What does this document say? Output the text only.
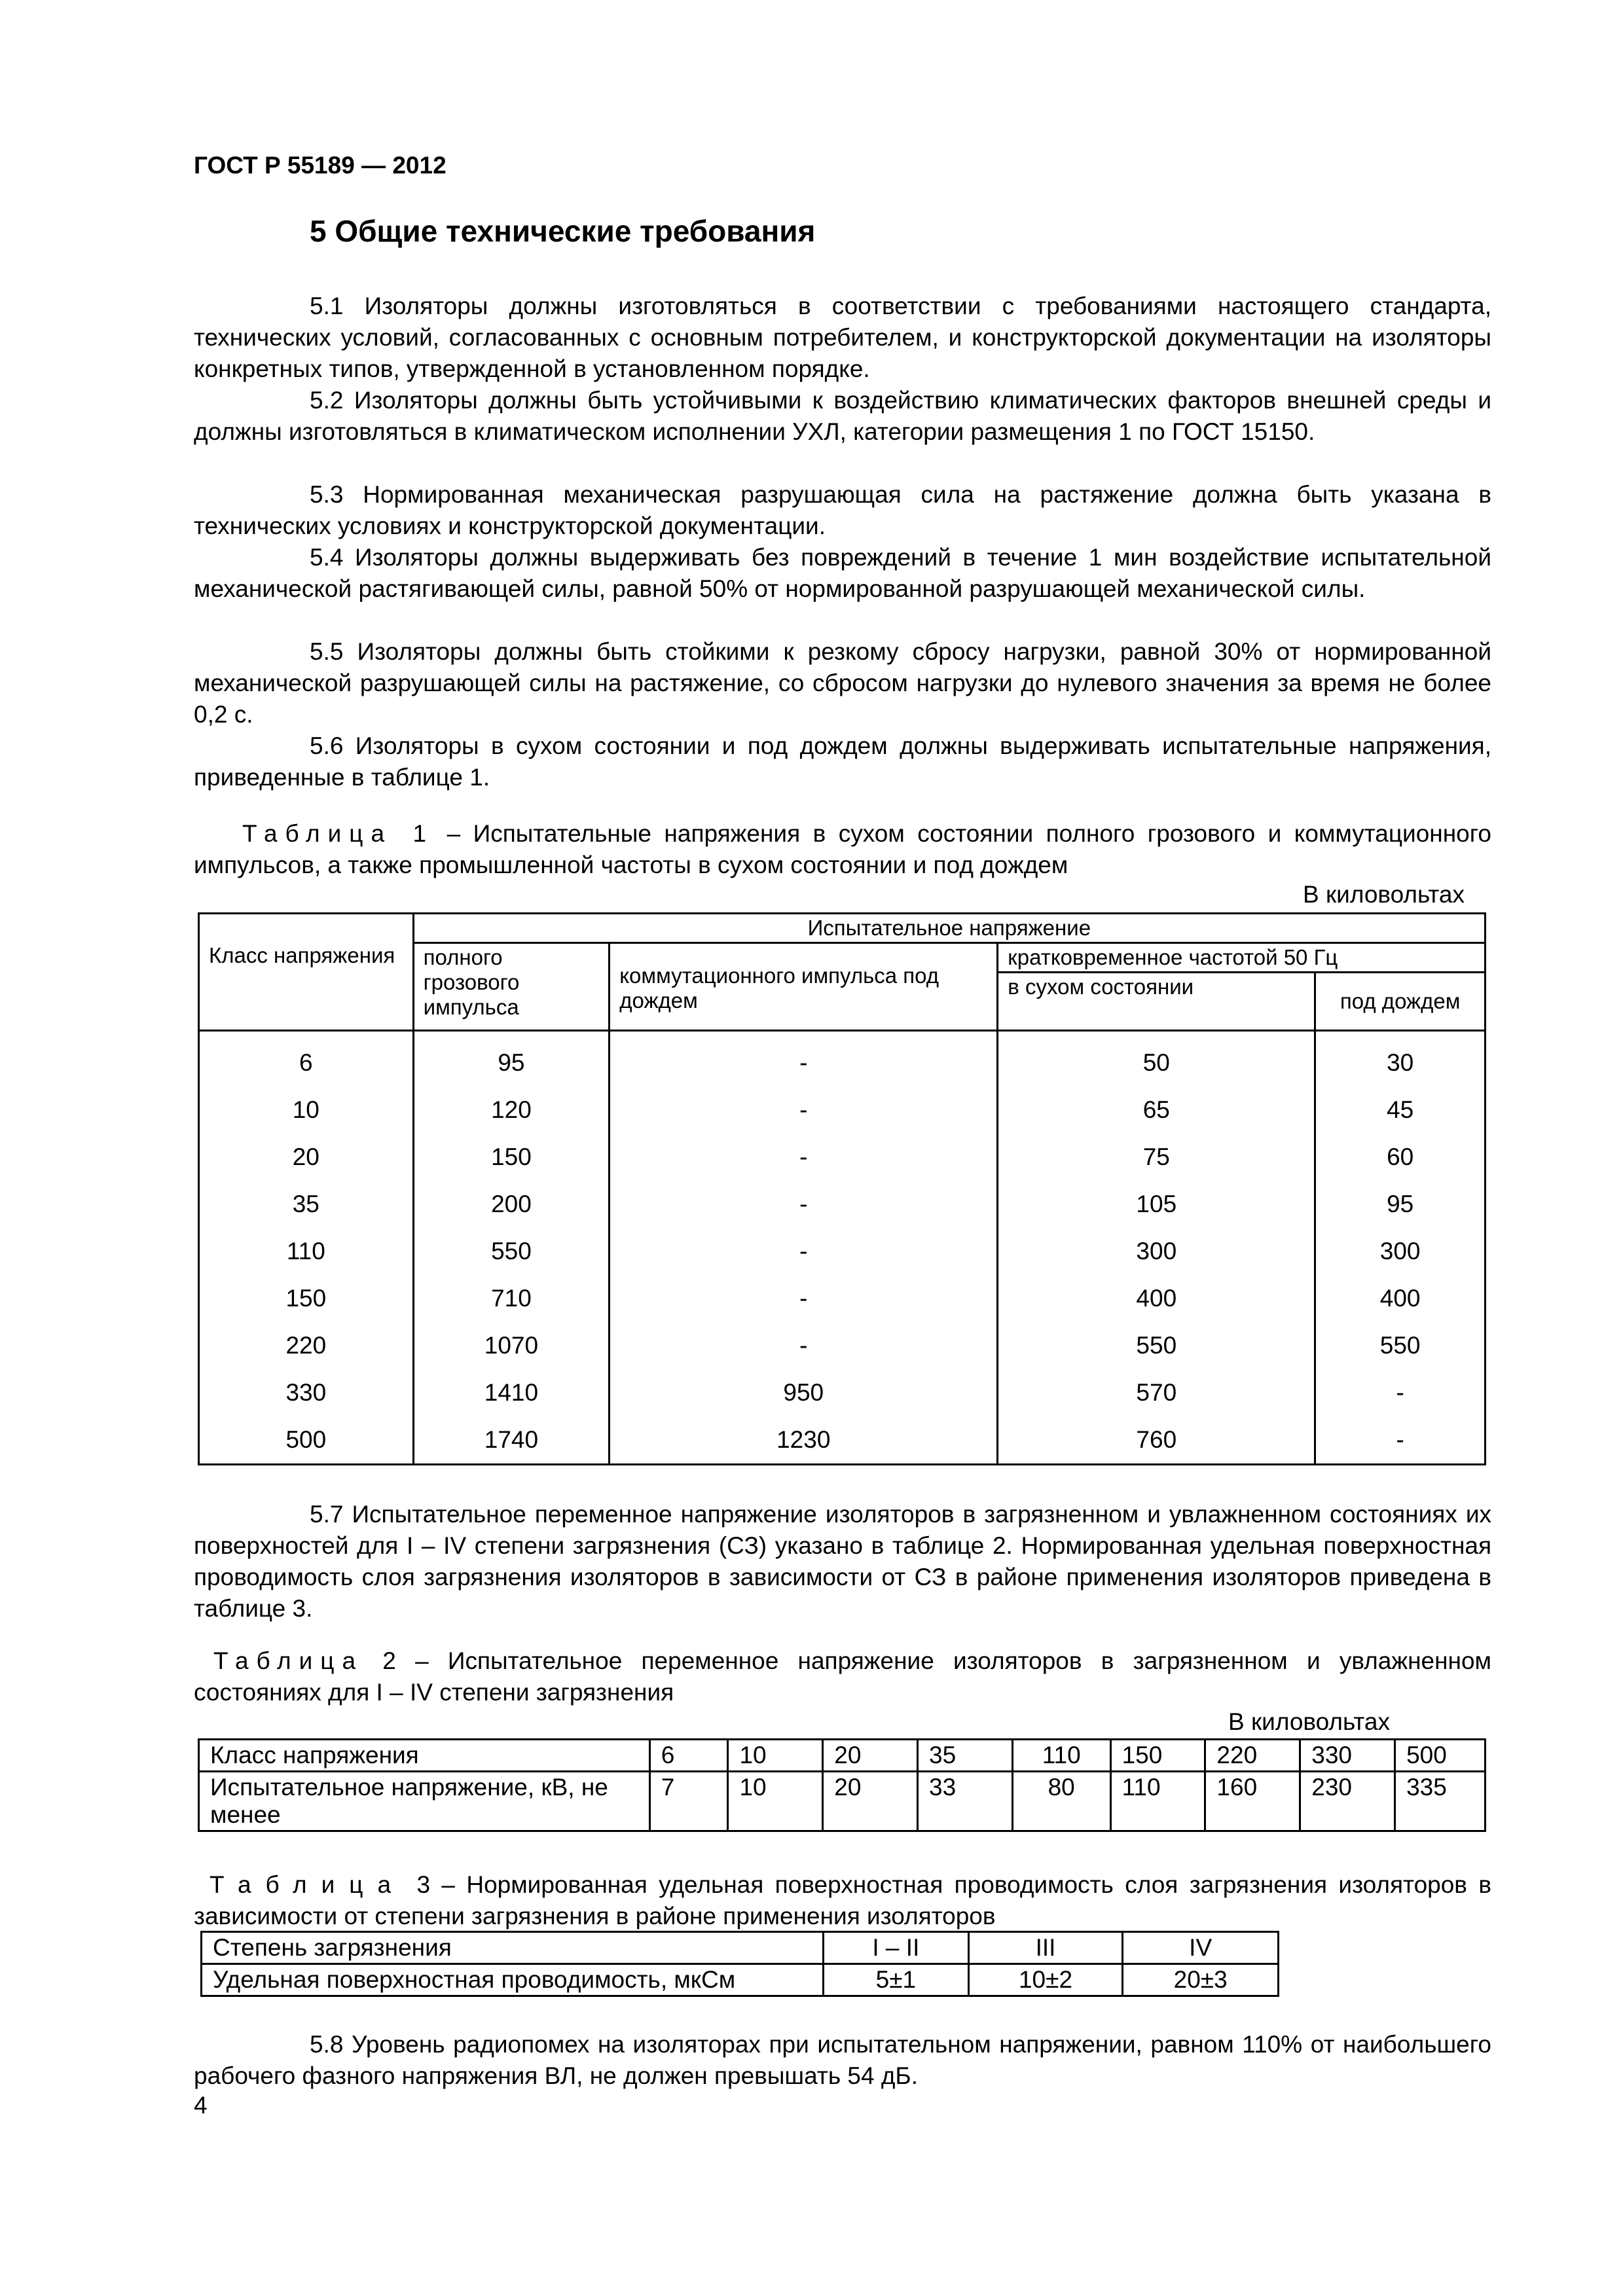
ГОСТ Р 55189 — 2012
5 Общие технические требования

5.1 Изоляторы должны изготовляться в соответствии с требованиями настоящего стандарта, технических условий, согласованных с основным потребителем, и конструкторской документации на изоляторы конкретных типов, утвержденной в установленном порядке.

5.2 Изоляторы должны быть устойчивыми к воздействию климатических факторов внешней среды и должны изготовляться в климатическом исполнении УХЛ, категории размещения 1 по ГОСТ 15150.

5.3 Нормированная механическая разрушающая сила на растяжение должна быть указана в технических условиях и конструкторской документации.

5.4 Изоляторы должны выдерживать без повреждений в течение 1 мин воздействие испытательной механической растягивающей силы, равной 50% от нормированной разрушающей механической силы.

5.5 Изоляторы должны быть стойкими к резкому сбросу нагрузки, равной 30% от нормированной механической разрушающей силы на растяжение, со сбросом нагрузки до нулевого значения за время не более 0,2 с.

5.6 Изоляторы в сухом состоянии и под дождем должны выдерживать испытательные напряжения, приведенные в таблице 1.

Таблица 1 – Испытательные напряжения в сухом состоянии полного грозового и коммутационного импульсов, а также промышленной частоты в сухом состоянии и под дождем

В киловольтах
Класс напряжения	Испытательное напряжение			
	полного грозового импульса	коммутационного импульса под дождем	кратковременное частотой 50 Гц	
			в сухом состоянии	под дождем
6	95	-	50	30
10	120	-	65	45
20	150	-	75	60
35	200	-	105	95
110	550	-	300	300
150	710	-	400	400
220	1070	-	550	550
330	1410	950	570	-
500	1740	1230	760	-

5.7 Испытательное переменное напряжение изоляторов в загрязненном и увлажненном состояниях их поверхностей для I – IV степени загрязнения (СЗ) указано в таблице 2. Нормированная удельная поверхностная проводимость слоя загрязнения изоляторов в зависимости от СЗ в районе применения изоляторов приведена в таблице 3.

Таблица 2 – Испытательное переменное напряжение изоляторов в загрязненном и увлажненном состояниях для I – IV степени загрязнения

В киловольтах
Класс напряжения	6	10	20	35	110	150	220	330	500
Испытательное напряжение, кВ, не менее	7	10	20	33	80	110	160	230	335

Таблица 3 – Нормированная удельная поверхностная проводимость слоя загрязнения изоляторов в зависимости от степени загрязнения в районе применения изоляторов

Степень загрязнения	I – II	III	IV
Удельная поверхностная проводимость, мкСм	5±1	10±2	20±3

5.8 Уровень радиопомех на изоляторах при испытательном напряжении, равном 110% от наибольшего рабочего фазного напряжения ВЛ, не должен превышать 54 дБ.

4
